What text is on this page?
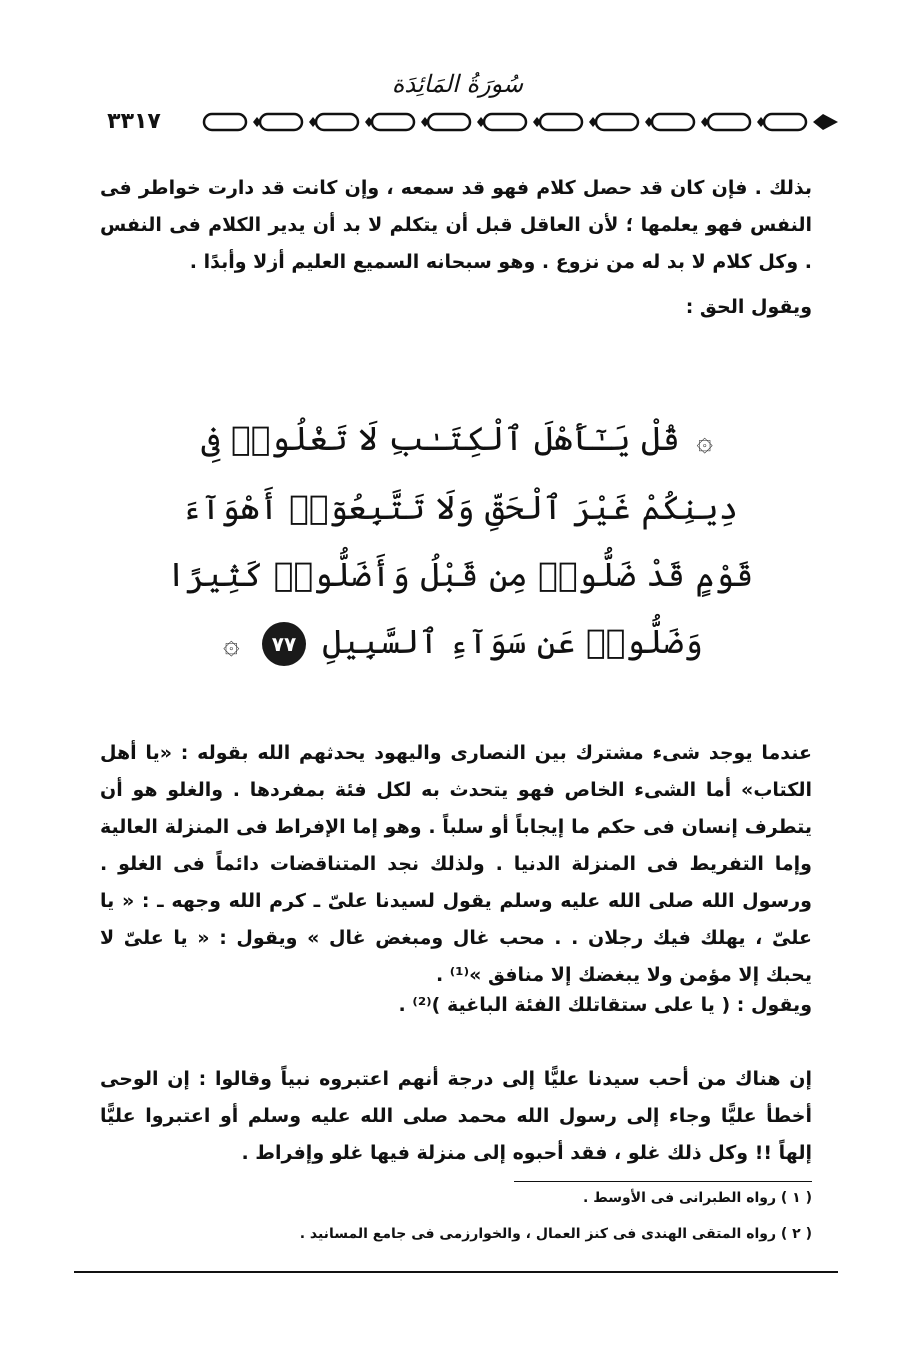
سُورَةُ المَائِدَة
٣٣١٧

بذلك . فإن كان قد حصل كلام فهو قد سمعه ، وإن كانت قد دارت خواطر فى النفس فهو يعلمها ؛ لأن العاقل قبل أن يتكلم لا بد أن يدير الكلام فى النفس . وكل كلام لا بد له من نزوع . وهو سبحانه السميع العليم أزلا وأبدًا .

ويقول الحق :

۞ قُلْ يَـٰٓأَهْلَ ٱلْكِتَـٰبِ لَا تَغْلُوا۟ فِى دِينِكُمْ غَيْرَ ٱلْحَقِّ وَلَا تَتَّبِعُوٓا۟ أَهْوَآءَ قَوْمٍ قَدْ ضَلُّوا۟ مِن قَبْلُ وَأَضَلُّوا۟ كَثِيرًا وَضَلُّوا۟ عَن سَوَآءِ ٱلسَّبِيلِ ٧٧ ۞

عندما يوجد شىء مشترك بين النصارى واليهود يحدثهم الله بقوله : «يا أهل الكتاب» أما الشىء الخاص فهو يتحدث به لكل فئة بمفردها . والغلو هو أن يتطرف إنسان فى حكم ما إيجاباً أو سلباً . وهو إما الإفراط فى المنزلة العالية وإما التفريط فى المنزلة الدنيا . ولذلك نجد المتناقضات دائماً فى الغلو . ورسول الله صلى الله عليه وسلم يقول لسيدنا علىّ ـ كرم الله وجهه ـ : « يا علىّ ، يهلك فيك رجلان . . محب غال ومبغض غال » ويقول : « يا علىّ لا يحبك إلا مؤمن ولا يبغضك إلا منافق »⁽¹⁾ .

ويقول : ( يا على ستقاتلك الفئة الباغية )⁽²⁾ .

إن هناك من أحب سيدنا عليًّا إلى درجة أنهم اعتبروه نبياً وقالوا : إن الوحى أخطأ عليًّا وجاء إلى رسول الله محمد صلى الله عليه وسلم أو اعتبروا عليًّا إلهاً !! وكل ذلك غلو ، فقد أحبوه إلى منزلة فيها غلو وإفراط .

( ١ ) رواه الطبرانى فى الأوسط .

( ٢ ) رواه المتقى الهندى فى كنز العمال ، والخوارزمى فى جامع المسانيد .
